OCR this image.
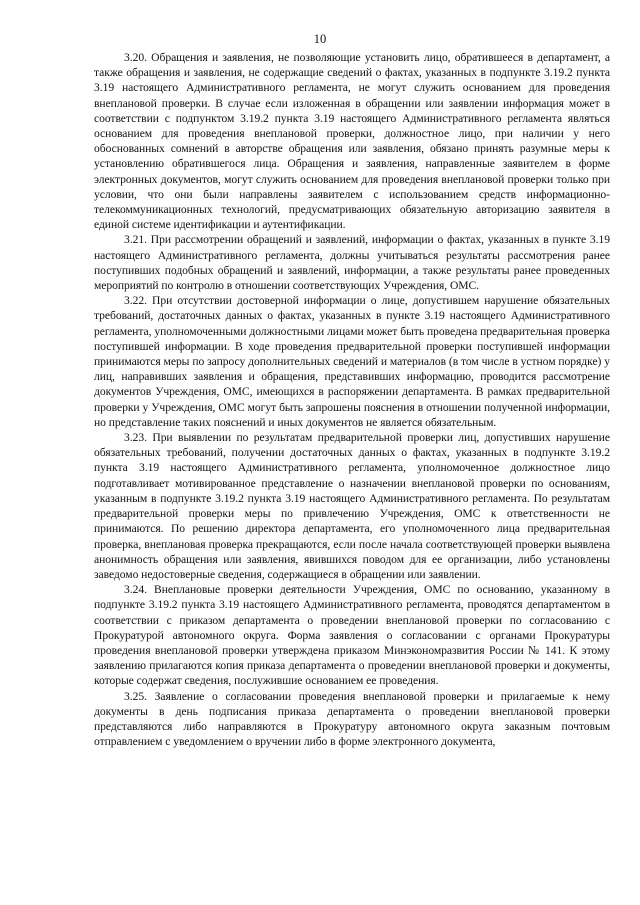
10

3.20. Обращения и заявления, не позволяющие установить лицо, обратившееся в департамент, а также обращения и заявления, не содержащие сведений о фактах, указанных в подпункте 3.19.2 пункта 3.19 настоящего Административного регламента, не могут служить основанием для проведения внеплановой проверки. В случае если изложенная в обращении или заявлении информация может в соответствии с подпунктом 3.19.2 пункта 3.19 настоящего Административного регламента являться основанием для проведения внеплановой проверки, должностное лицо, при наличии у него обоснованных сомнений в авторстве обращения или заявления, обязано принять разумные меры к установлению обратившегося лица. Обращения и заявления, направленные заявителем в форме электронных документов, могут служить основанием для проведения внеплановой проверки только при условии, что они были направлены заявителем с использованием средств информационно-телекоммуникационных технологий, предусматривающих обязательную авторизацию заявителя в единой системе идентификации и аутентификации.

3.21. При рассмотрении обращений и заявлений, информации о фактах, указанных в пункте 3.19 настоящего Административного регламента, должны учитываться результаты рассмотрения ранее поступивших подобных обращений и заявлений, информации, а также результаты ранее проведенных мероприятий по контролю в отношении соответствующих Учреждения, ОМС.

3.22. При отсутствии достоверной информации о лице, допустившем нарушение обязательных требований, достаточных данных о фактах, указанных в пункте 3.19 настоящего Административного регламента, уполномоченными должностными лицами может быть проведена предварительная проверка поступившей информации. В ходе проведения предварительной проверки поступившей информации принимаются меры по запросу дополнительных сведений и материалов (в том числе в устном порядке) у лиц, направивших заявления и обращения, представивших информацию, проводится рассмотрение документов Учреждения, ОМС, имеющихся в распоряжении департамента. В рамках предварительной проверки у Учреждения, ОМС могут быть запрошены пояснения в отношении полученной информации, но представление таких пояснений и иных документов не является обязательным.

3.23. При выявлении по результатам предварительной проверки лиц, допустивших нарушение обязательных требований, получении достаточных данных о фактах, указанных в подпункте 3.19.2 пункта 3.19 настоящего Административного регламента, уполномоченное должностное лицо подготавливает мотивированное представление о назначении внеплановой проверки по основаниям, указанным в подпункте 3.19.2 пункта 3.19 настоящего Административного регламента. По результатам предварительной проверки меры по привлечению Учреждения, ОМС к ответственности не принимаются. По решению директора департамента, его уполномоченного лица предварительная проверка, внеплановая проверка прекращаются, если после начала соответствующей проверки выявлена анонимность обращения или заявления, явившихся поводом для ее организации, либо установлены заведомо недостоверные сведения, содержащиеся в обращении или заявлении.

3.24. Внеплановые проверки деятельности Учреждения, ОМС по основанию, указанному в подпункте 3.19.2 пункта 3.19 настоящего Административного регламента, проводятся департаментом в соответствии с приказом департамента о проведении внеплановой проверки по согласованию с Прокуратурой автономного округа. Форма заявления о согласовании с органами Прокуратуры проведения внеплановой проверки утверждена приказом Минэкономразвития России № 141. К этому заявлению прилагаются копия приказа департамента о проведении внеплановой проверки и документы, которые содержат сведения, послужившие основанием ее проведения.

3.25. Заявление о согласовании проведения внеплановой проверки и прилагаемые к нему документы в день подписания приказа департамента о проведении внеплановой проверки представляются либо направляются в Прокуратуру автономного округа заказным почтовым отправлением с уведомлением о вручении либо в форме электронного документа,
